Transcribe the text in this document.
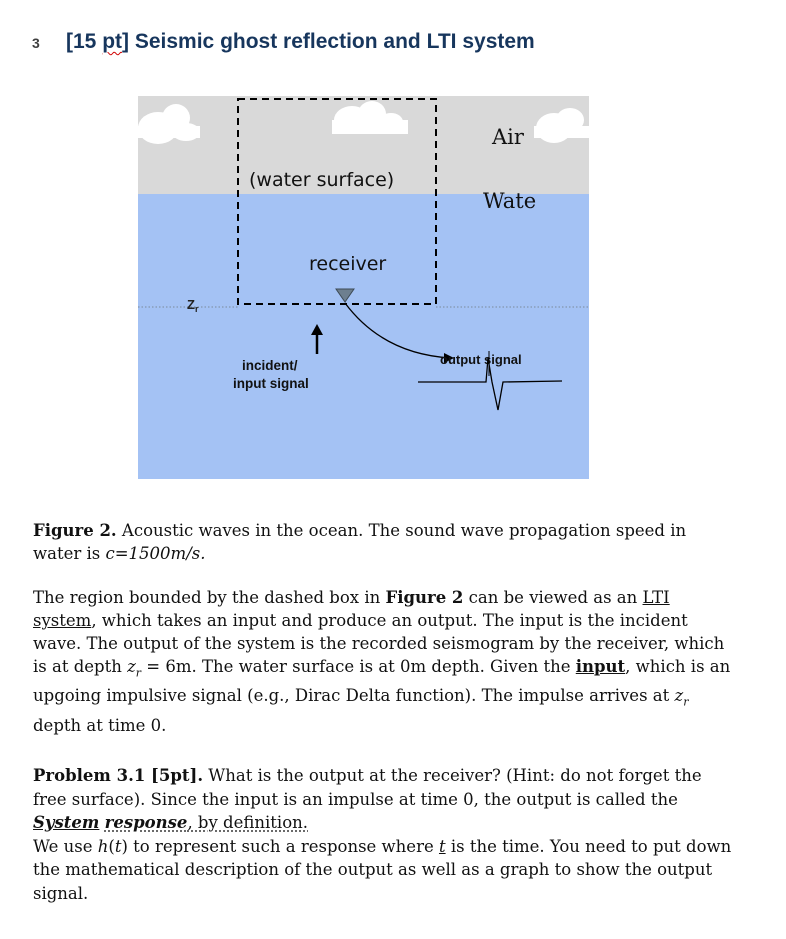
3	[15 pt] Seismic ghost reflection and LTI system
$Z_r$
(water surface)
Air
Wate
receiver
incident/
input signal
output signal
Figure 2. Acoustic waves in the ocean. The sound wave propagation speed in water is c=1500m/s.
The region bounded by the dashed box in Figure 2 can be viewed as an LTI system, which takes an input and produce an output. The input is the incident wave. The output of the system is the recorded seismogram by the receiver, which is at depth $z_r = 6m$. The water surface is at 0m depth. Given the input, which is an upgoing impulsive signal (e.g., Dirac Delta function). The impulse arrives at $z_r$ depth at time 0.
Problem 3.1 [5pt]. What is the output at the receiver? (Hint: do not forget the free surface). Since the input is an impulse at time 0, the output is called the System response, by definition.
We use h(t) to represent such a response where t is the time. You need to put down the mathematical description of the output as well as a graph to show the output signal.
